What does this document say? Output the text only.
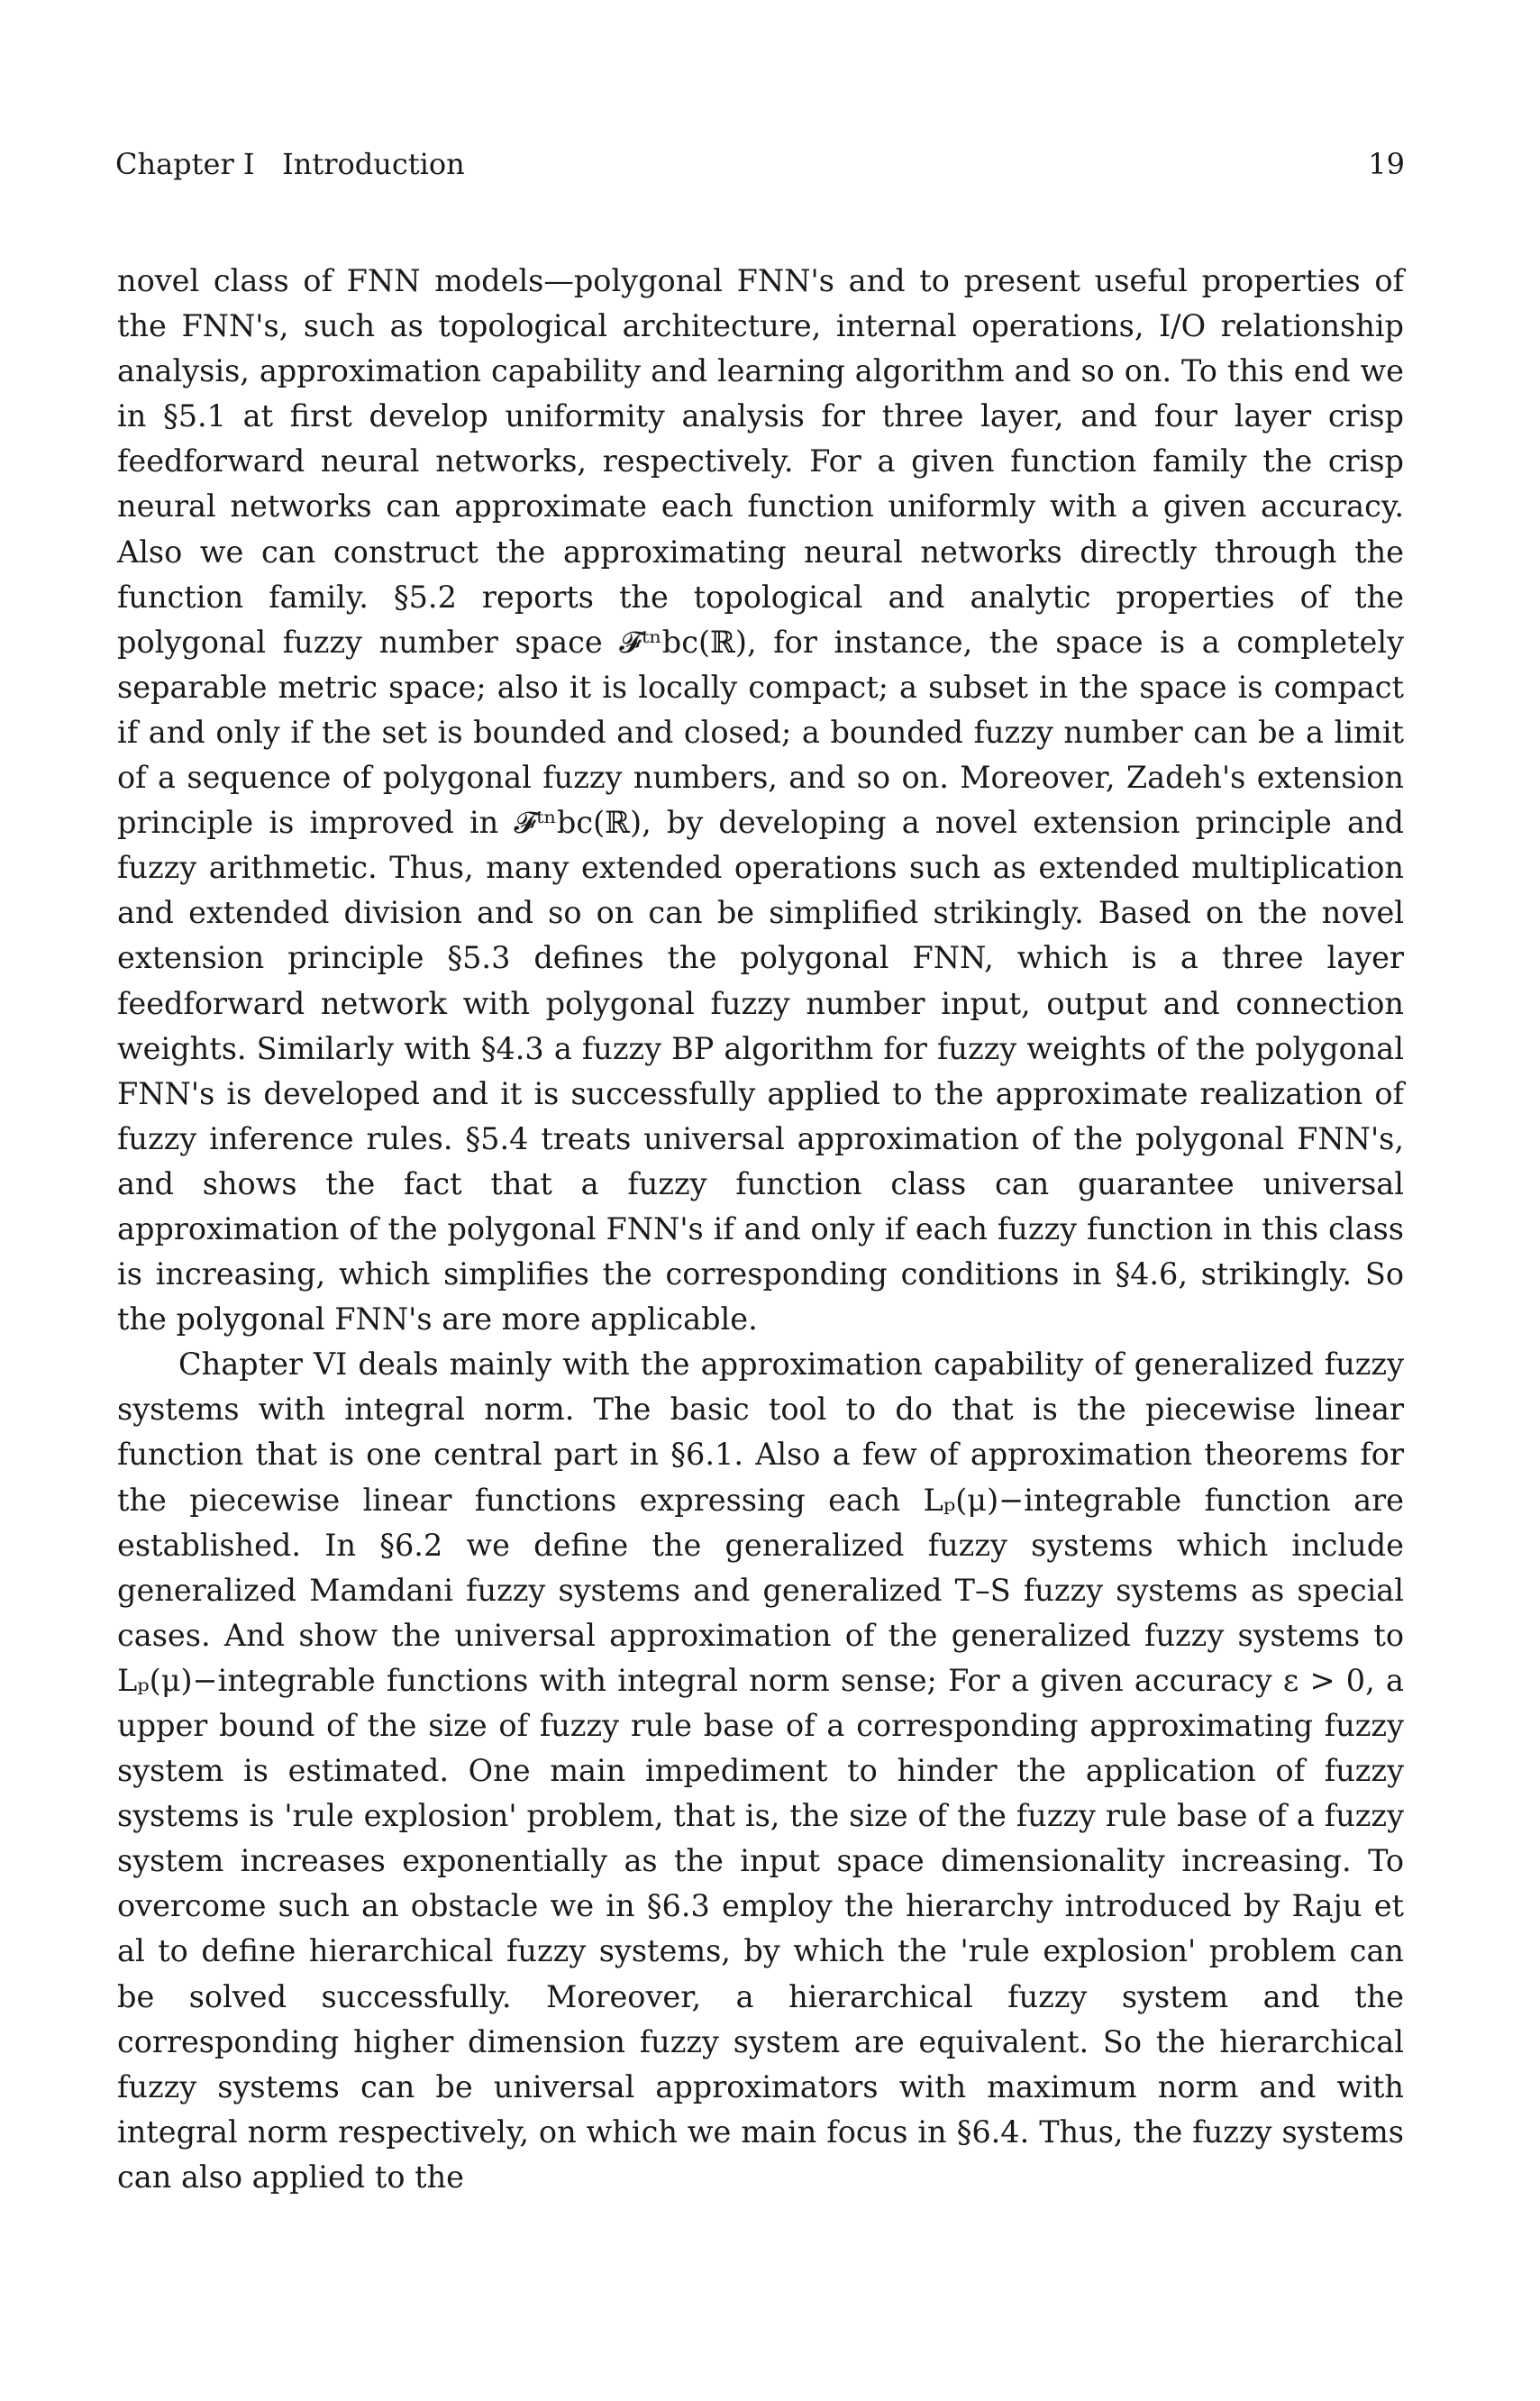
Chapter I Introduction	19

novel class of FNN models—polygonal FNN's and to present useful properties of the FNN's, such as topological architecture, internal operations, I/O relationship analysis, approximation capability and learning algorithm and so on. To this end we in §5.1 at first develop uniformity analysis for three layer, and four layer crisp feedforward neural networks, respectively. For a given function family the crisp neural networks can approximate each function uniformly with a given accuracy. Also we can construct the approximating neural networks directly through the function family. §5.2 reports the topological and analytic properties of the polygonal fuzzy number space 𝓕ᵗⁿbc(ℝ), for instance, the space is a completely separable metric space; also it is locally compact; a subset in the space is compact if and only if the set is bounded and closed; a bounded fuzzy number can be a limit of a sequence of polygonal fuzzy numbers, and so on. Moreover, Zadeh's extension principle is improved in 𝓕ᵗⁿbc(ℝ), by developing a novel extension principle and fuzzy arithmetic. Thus, many extended operations such as extended multiplication and extended division and so on can be simplified strikingly. Based on the novel extension principle §5.3 defines the polygonal FNN, which is a three layer feedforward network with polygonal fuzzy number input, output and connection weights. Similarly with §4.3 a fuzzy BP algorithm for fuzzy weights of the polygonal FNN's is developed and it is successfully applied to the approximate realization of fuzzy inference rules. §5.4 treats universal approximation of the polygonal FNN's, and shows the fact that a fuzzy function class can guarantee universal approximation of the polygonal FNN's if and only if each fuzzy function in this class is increasing, which simplifies the corresponding conditions in §4.6, strikingly. So the polygonal FNN's are more applicable.

Chapter VI deals mainly with the approximation capability of generalized fuzzy systems with integral norm. The basic tool to do that is the piecewise linear function that is one central part in §6.1. Also a few of approximation theorems for the piecewise linear functions expressing each Lₚ(μ)−integrable function are established. In §6.2 we define the generalized fuzzy systems which include generalized Mamdani fuzzy systems and generalized T–S fuzzy systems as special cases. And show the universal approximation of the generalized fuzzy systems to Lₚ(μ)−integrable functions with integral norm sense; For a given accuracy ε > 0, a upper bound of the size of fuzzy rule base of a corresponding approximating fuzzy system is estimated. One main impediment to hinder the application of fuzzy systems is 'rule explosion' problem, that is, the size of the fuzzy rule base of a fuzzy system increases exponentially as the input space dimensionality increasing. To overcome such an obstacle we in §6.3 employ the hierarchy introduced by Raju et al to define hierarchical fuzzy systems, by which the 'rule explosion' problem can be solved successfully. Moreover, a hierarchical fuzzy system and the corresponding higher dimension fuzzy system are equivalent. So the hierarchical fuzzy systems can be universal approximators with maximum norm and with integral norm respectively, on which we main focus in §6.4. Thus, the fuzzy systems can also applied to the
